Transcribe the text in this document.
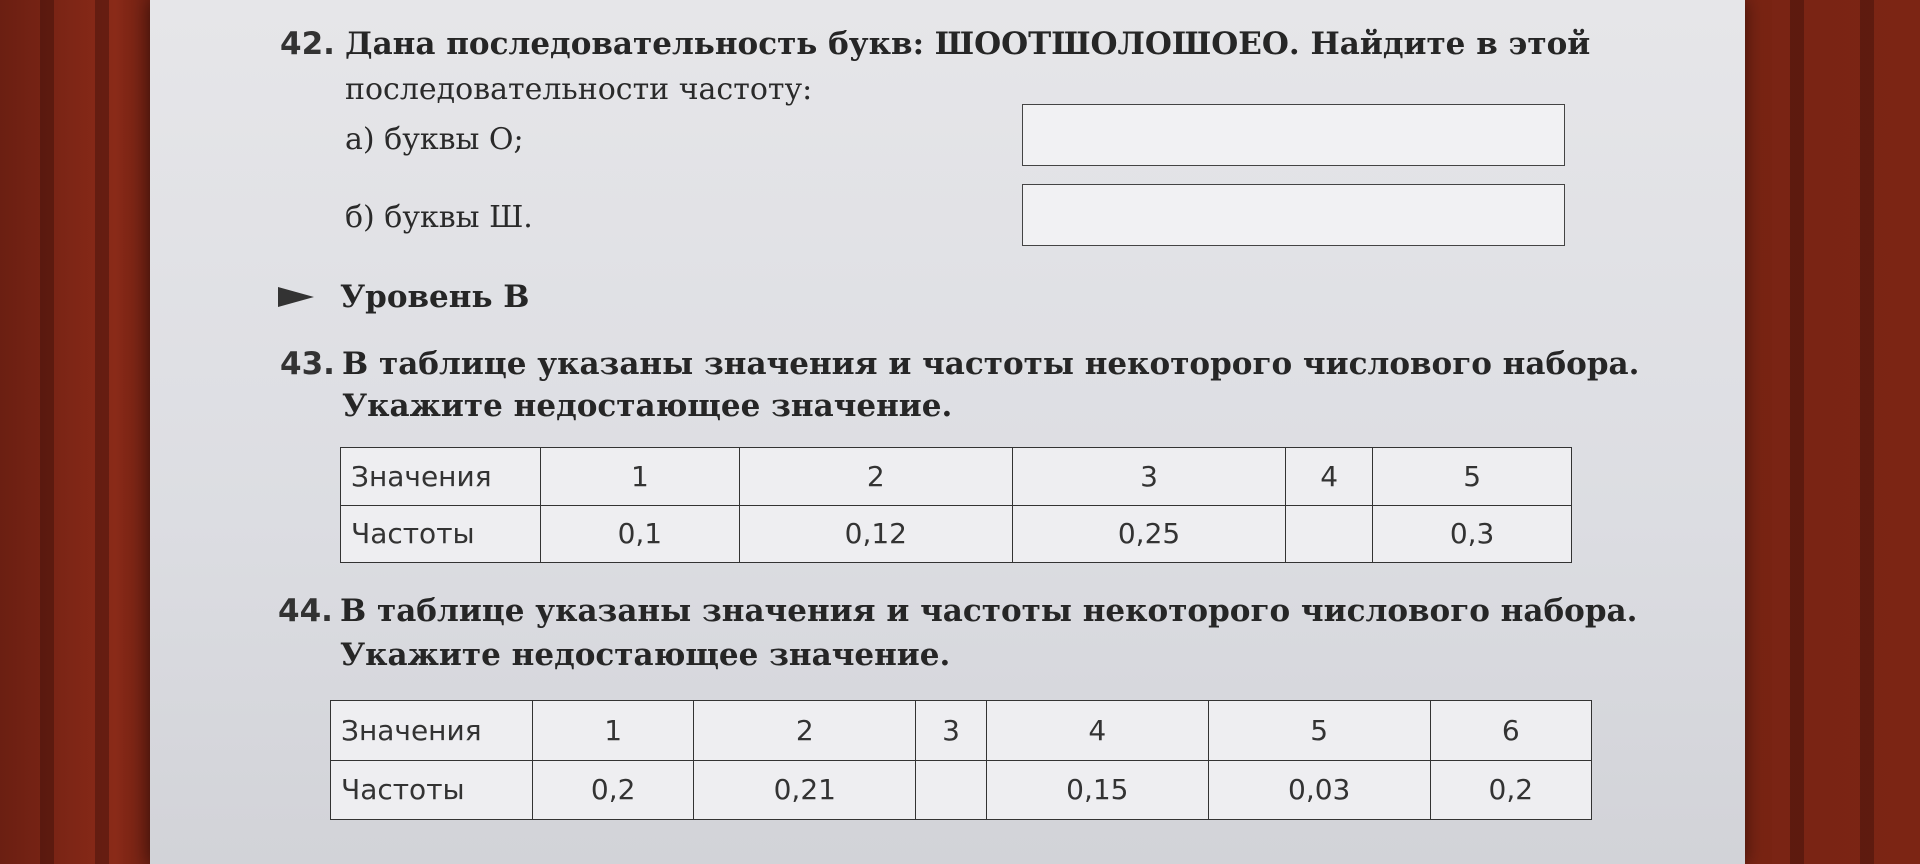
42. Дана последовательность букв: ШООТШОЛОШОЕО. Найдите в этой
последовательности частоту:
а) буквы О;
б) буквы Ш.
Уровень В
43. В таблице указаны значения и частоты некоторого числового набора.
Укажите недостающее значение.
Значения	1	2	3	4	5
Частоты	0,1	0,12	0,25		0,3
44. В таблице указаны значения и частоты некоторого числового набора.
Укажите недостающее значение.
Значения	1	2	3	4	5	6
Частоты	0,2	0,21		0,15	0,03	0,2
